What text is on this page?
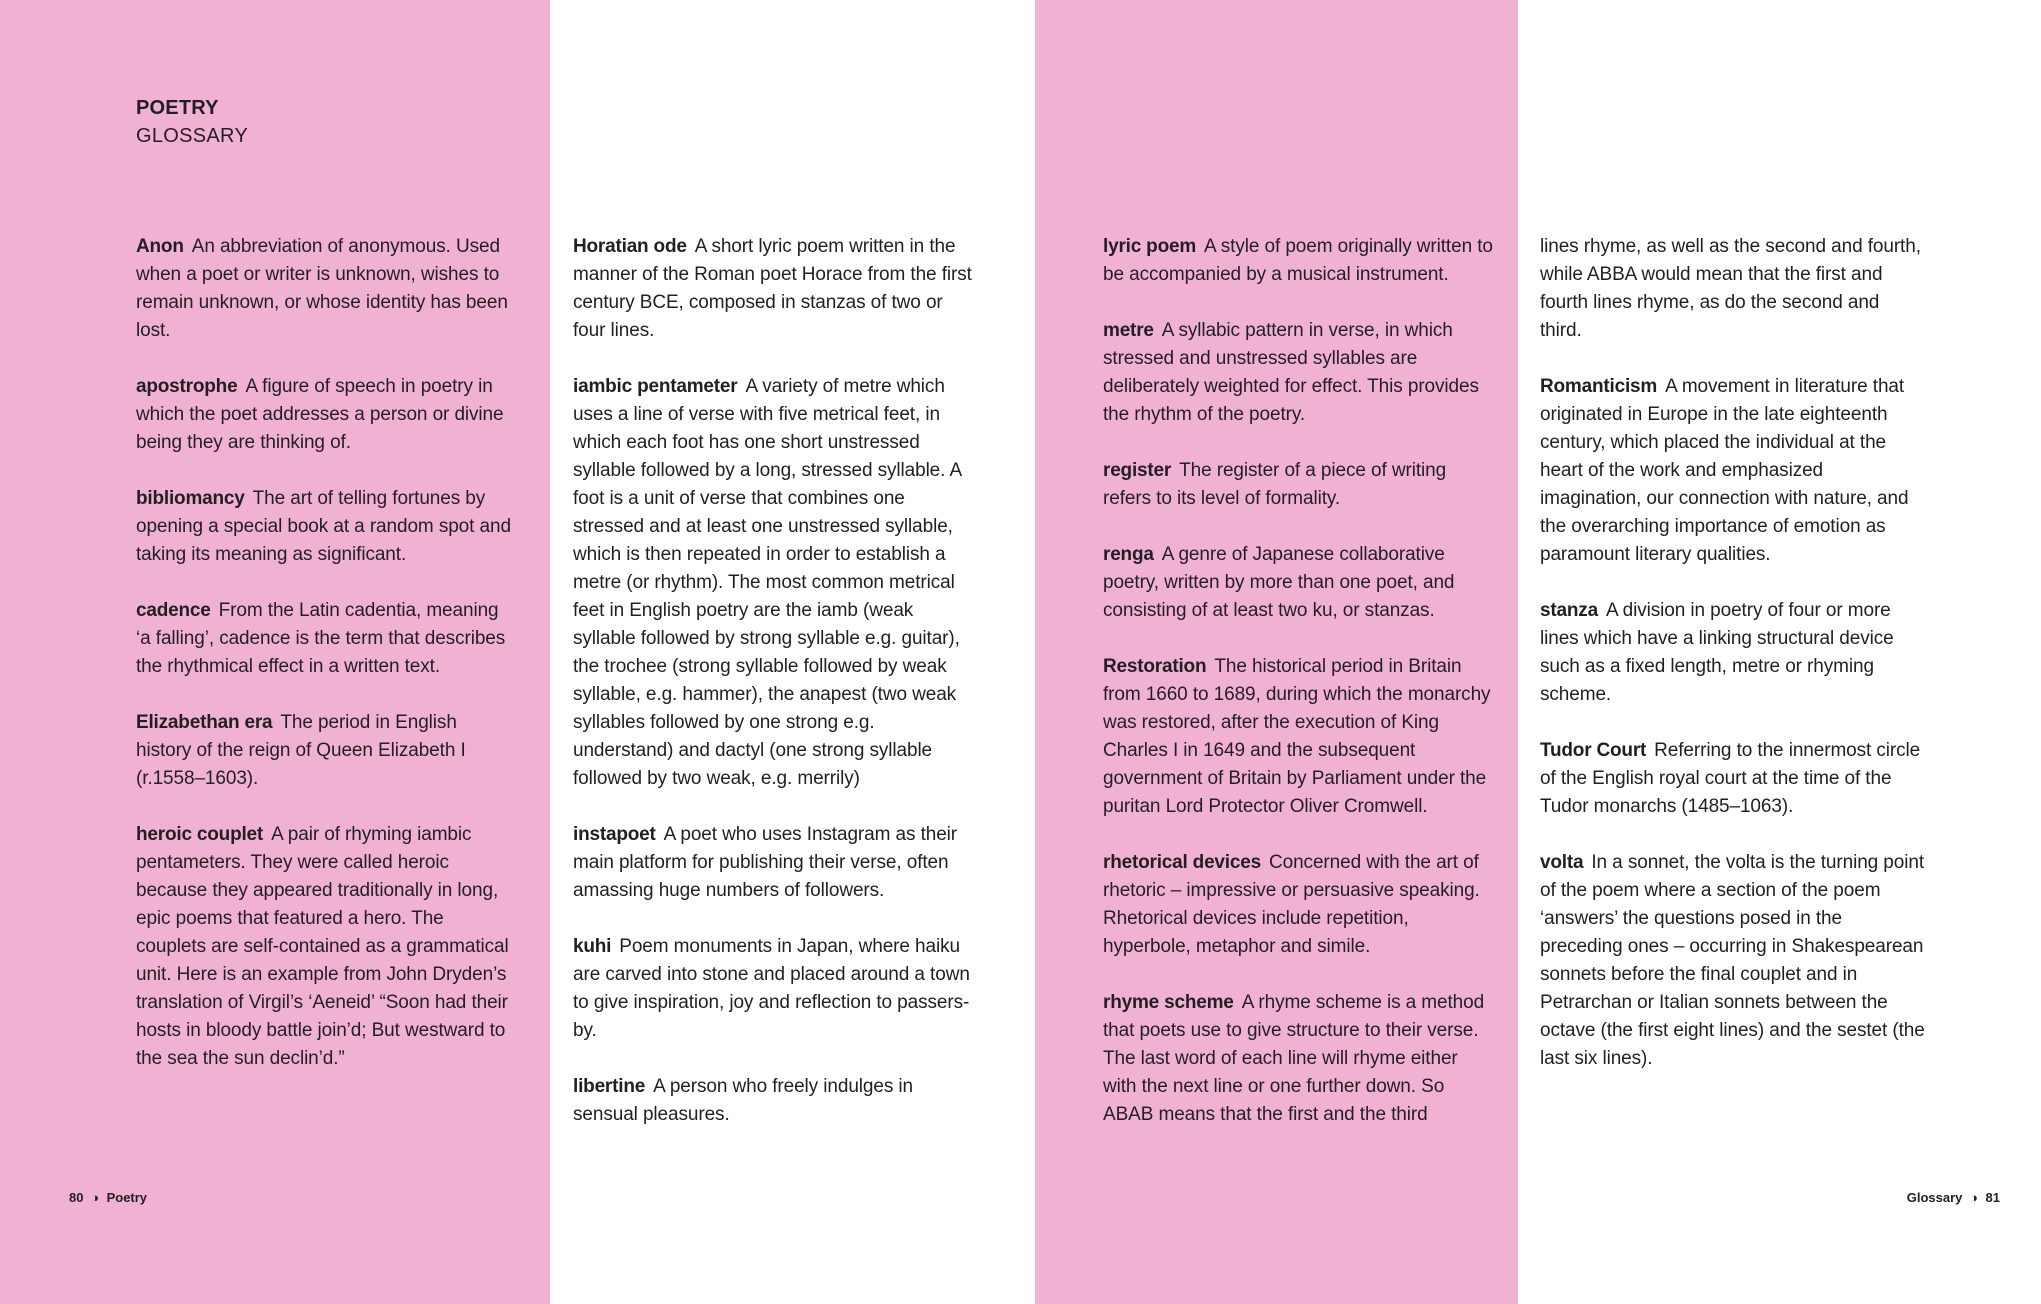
POETRY
GLOSSARY
Anon An abbreviation of anonymous. Used when a poet or writer is unknown, wishes to remain unknown, or whose identity has been lost.
apostrophe A figure of speech in poetry in which the poet addresses a person or divine being they are thinking of.
bibliomancy The art of telling fortunes by opening a special book at a random spot and taking its meaning as significant.
cadence From the Latin cadentia, meaning ‘a falling’, cadence is the term that describes the rhythmical effect in a written text.
Elizabethan era The period in English history of the reign of Queen Elizabeth I (r.1558–1603).
heroic couplet A pair of rhyming iambic pentameters. They were called heroic because they appeared traditionally in long, epic poems that featured a hero. The couplets are self-contained as a grammatical unit. Here is an example from John Dryden’s translation of Virgil’s ‘Aeneid’ “Soon had their hosts in bloody battle join’d; But westward to the sea the sun declin’d.”
Horatian ode A short lyric poem written in the manner of the Roman poet Horace from the first century BCE, composed in stanzas of two or four lines.
iambic pentameter A variety of metre which uses a line of verse with five metrical feet, in which each foot has one short unstressed syllable followed by a long, stressed syllable. A foot is a unit of verse that combines one stressed and at least one unstressed syllable, which is then repeated in order to establish a metre (or rhythm). The most common metrical feet in English poetry are the iamb (weak syllable followed by strong syllable e.g. guitar), the trochee (strong syllable followed by weak syllable, e.g. hammer), the anapest (two weak syllables followed by one strong e.g. understand) and dactyl (one strong syllable followed by two weak, e.g. merrily)
instapoet A poet who uses Instagram as their main platform for publishing their verse, often amassing huge numbers of followers.
kuhi Poem monuments in Japan, where haiku are carved into stone and placed around a town to give inspiration, joy and reflection to passers-by.
libertine A person who freely indulges in sensual pleasures.
lyric poem A style of poem originally written to be accompanied by a musical instrument.
metre A syllabic pattern in verse, in which stressed and unstressed syllables are deliberately weighted for effect. This provides the rhythm of the poetry.
register The register of a piece of writing refers to its level of formality.
renga A genre of Japanese collaborative poetry, written by more than one poet, and consisting of at least two ku, or stanzas.
Restoration The historical period in Britain from 1660 to 1689, during which the monarchy was restored, after the execution of King Charles I in 1649 and the subsequent government of Britain by Parliament under the puritan Lord Protector Oliver Cromwell.
rhetorical devices Concerned with the art of rhetoric – impressive or persuasive speaking. Rhetorical devices include repetition, hyperbole, metaphor and simile.
rhyme scheme A rhyme scheme is a method that poets use to give structure to their verse. The last word of each line will rhyme either with the next line or one further down. So ABAB means that the first and the third
lines rhyme, as well as the second and fourth, while ABBA would mean that the first and fourth lines rhyme, as do the second and third.
Romanticism A movement in literature that originated in Europe in the late eighteenth century, which placed the individual at the heart of the work and emphasized imagination, our connection with nature, and the overarching importance of emotion as paramount literary qualities.
stanza A division in poetry of four or more lines which have a linking structural device such as a fixed length, metre or rhyming scheme.
Tudor Court Referring to the innermost circle of the English royal court at the time of the Tudor monarchs (1485–1063).
volta In a sonnet, the volta is the turning point of the poem where a section of the poem ‘answers’ the questions posed in the preceding ones – occurring in Shakespearean sonnets before the final couplet and in Petrarchan or Italian sonnets between the octave (the first eight lines) and the sestet (the last six lines).
80 ◑ Poetry	Glossary ◑ 81
